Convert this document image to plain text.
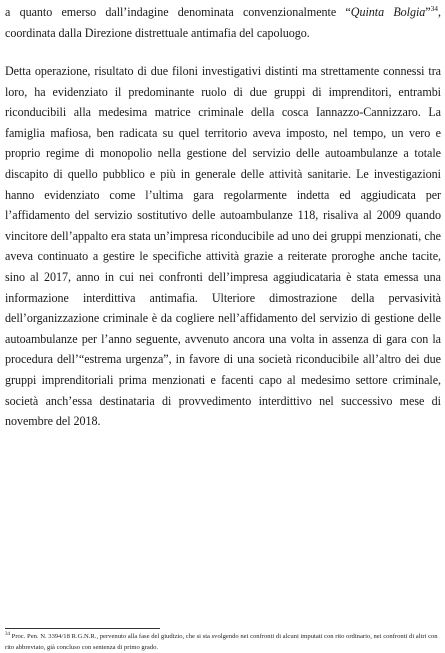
a quanto emerso dall’indagine denominata convenzionalmente “Quinta Bolgia”$^{34}$, coordinata dalla Direzione distrettuale antimafia del capoluogo.

Detta operazione, risultato di due filoni investigativi distinti ma strettamente connessi tra loro, ha evidenziato il predominante ruolo di due gruppi di imprenditori, entrambi riconducibili alla medesima matrice criminale della cosca Iannazzo-Cannizzaro. La famiglia mafiosa, ben radicata su quel territorio aveva imposto, nel tempo, un vero e proprio regime di monopolio nella gestione del servizio delle autoambulanze a totale discapito di quello pubblico e più in generale delle attività sanitarie. Le investigazioni hanno evidenziato come l’ultima gara regolarmente indetta ed aggiudicata per l’affidamento del servizio sostitutivo delle autoambulanze 118, risaliva al 2009 quando vincitore dell’appalto era stata un’impresa riconducibile ad uno dei gruppi menzionati, che aveva continuato a gestire le specifiche attività grazie a reiterate proroghe anche tacite, sino al 2017, anno in cui nei confronti dell’impresa aggiudicataria è stata emessa una informazione interdittiva antimafia. Ulteriore dimostrazione della pervasività dell’organizzazione criminale è da cogliere nell’affidamento del servizio di gestione delle autoambulanze per l’anno seguente, avvenuto ancora una volta in assenza di gara con la procedura dell’“estrema urgenza”, in favore di una società riconducibile all’altro dei due gruppi imprenditoriali prima menzionati e facenti capo al medesimo settore criminale, società anch’essa destinataria di provvedimento interdittivo nel successivo mese di novembre del 2018.

$^{34}$ Proc. Pen. N. 3394/18 R.G.N.R., pervenuto alla fase del giudizio, che si sta svolgendo nei confronti di alcuni imputati con rito ordinario, nei confronti di altri con rito abbreviato, già concluso con sentenza di primo grado.
